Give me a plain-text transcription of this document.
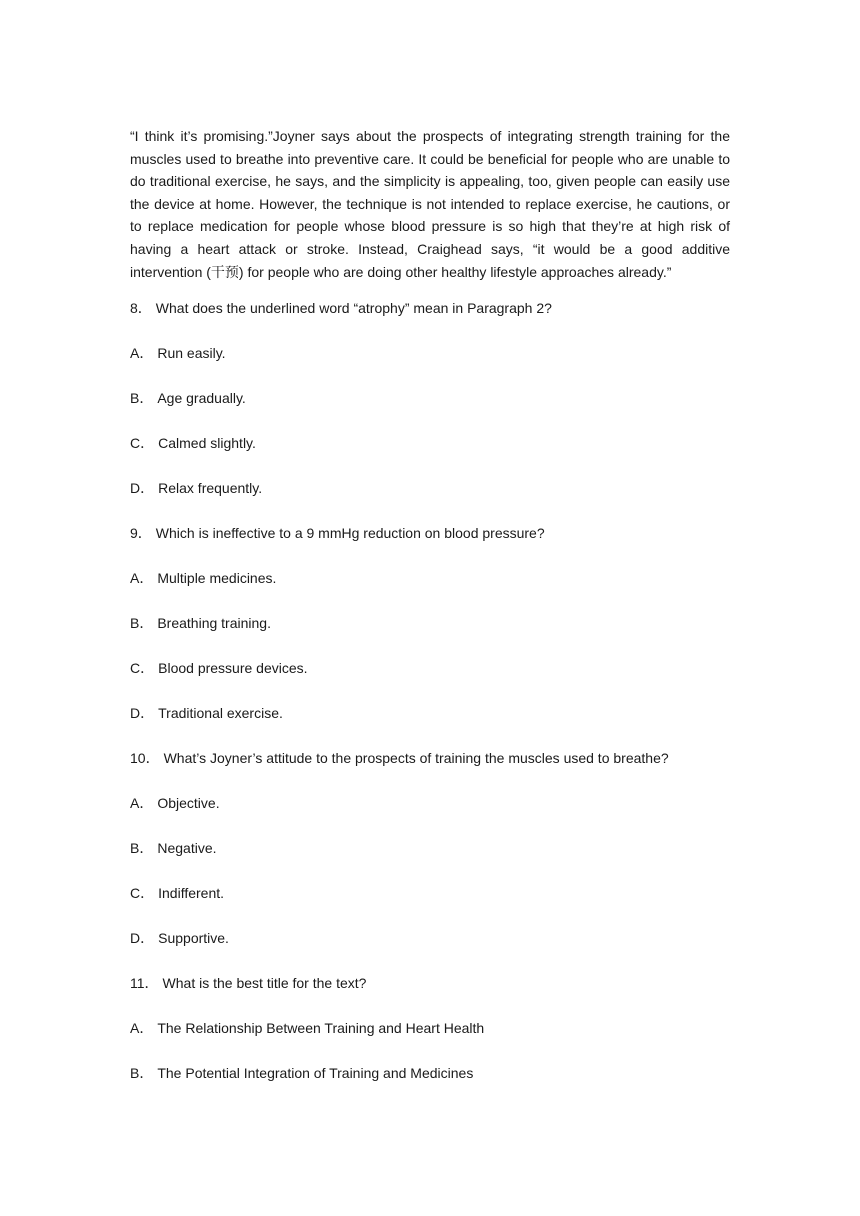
“I think it’s promising.”Joyner says about the prospects of integrating strength training for the muscles used to breathe into preventive care. It could be beneficial for people who are unable to do traditional exercise, he says, and the simplicity is appealing, too, given people can easily use the device at home. However, the technique is not intended to replace exercise, he cautions, or to replace medication for people whose blood pressure is so high that they’re at high risk of having a heart attack or stroke. Instead, Craighead says, “it would be a good additive intervention (干预) for people who are doing other healthy lifestyle approaches already.”

8． What does the underlined word “atrophy” mean in Paragraph 2?
A． Run easily.
B． Age gradually.
C． Calmed slightly.
D． Relax frequently.
9． Which is ineffective to a 9 mmHg reduction on blood pressure?
A． Multiple medicines.
B． Breathing training.
C． Blood pressure devices.
D． Traditional exercise.
10． What’s Joyner’s attitude to the prospects of training the muscles used to breathe?
A． Objective.
B． Negative.
C． Indifferent.
D． Supportive.
11． What is the best title for the text?
A． The Relationship Between Training and Heart Health
B． The Potential Integration of Training and Medicines
